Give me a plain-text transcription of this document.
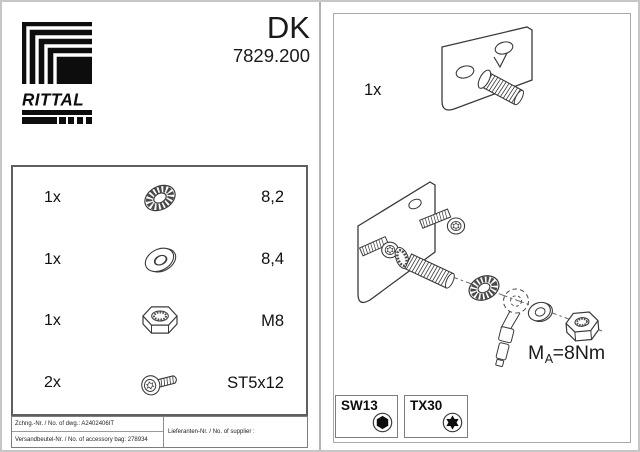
RITTAL
DK
7829.200
1x	8,2
1x	8,4
1x	M8
2x	ST5x12
Zchng.-Nr. / No. of dwg.: A2402406IT
Versandbeutel-Nr. / No. of accessory bag: 278934
Lieferanten-Nr. / No. of supplier :
1x
$M_A=8Nm$
SW13	TX30
